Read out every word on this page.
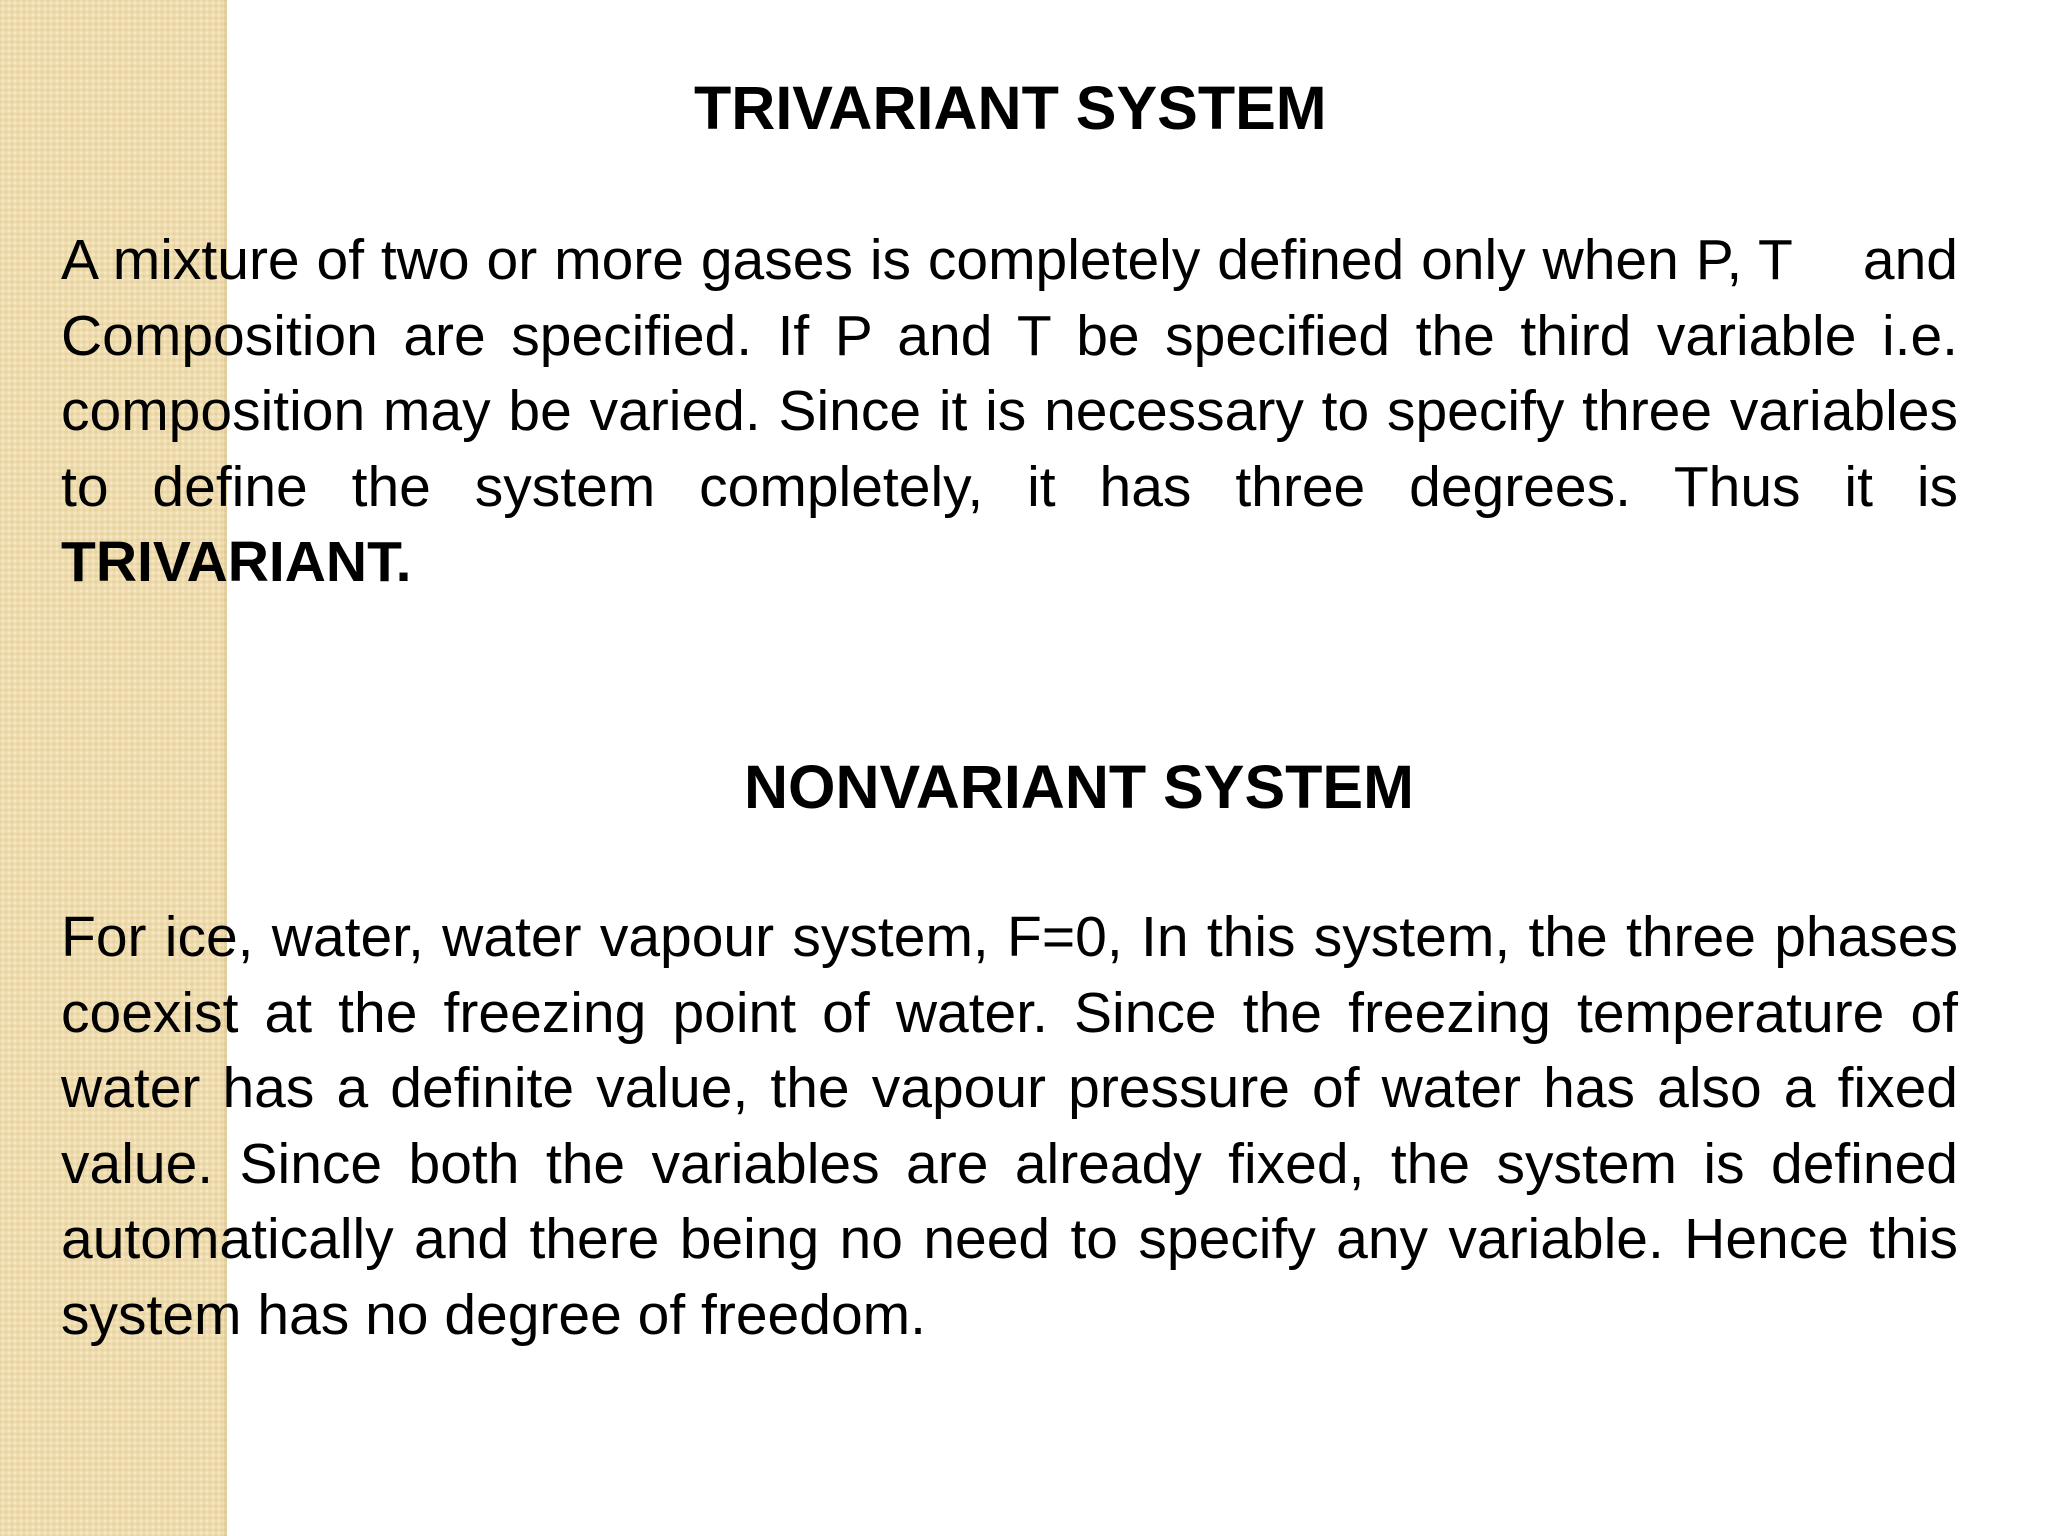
TRIVARIANT SYSTEM

A mixture of two or more gases is completely defined only when P, T and Composition are specified. If P and T be specified the third variable i.e. composition may be varied. Since it is necessary to specify three variables to define the system completely, it has three degrees. Thus it is TRIVARIANT.

NONVARIANT SYSTEM

For ice, water, water vapour system, F=0, In this system, the three phases coexist at the freezing point of water. Since the freezing temperature of water has a definite value, the vapour pressure of water has also a fixed value. Since both the variables are already fixed, the system is defined automatically and there being no need to specify any variable. Hence this system has no degree of freedom.
